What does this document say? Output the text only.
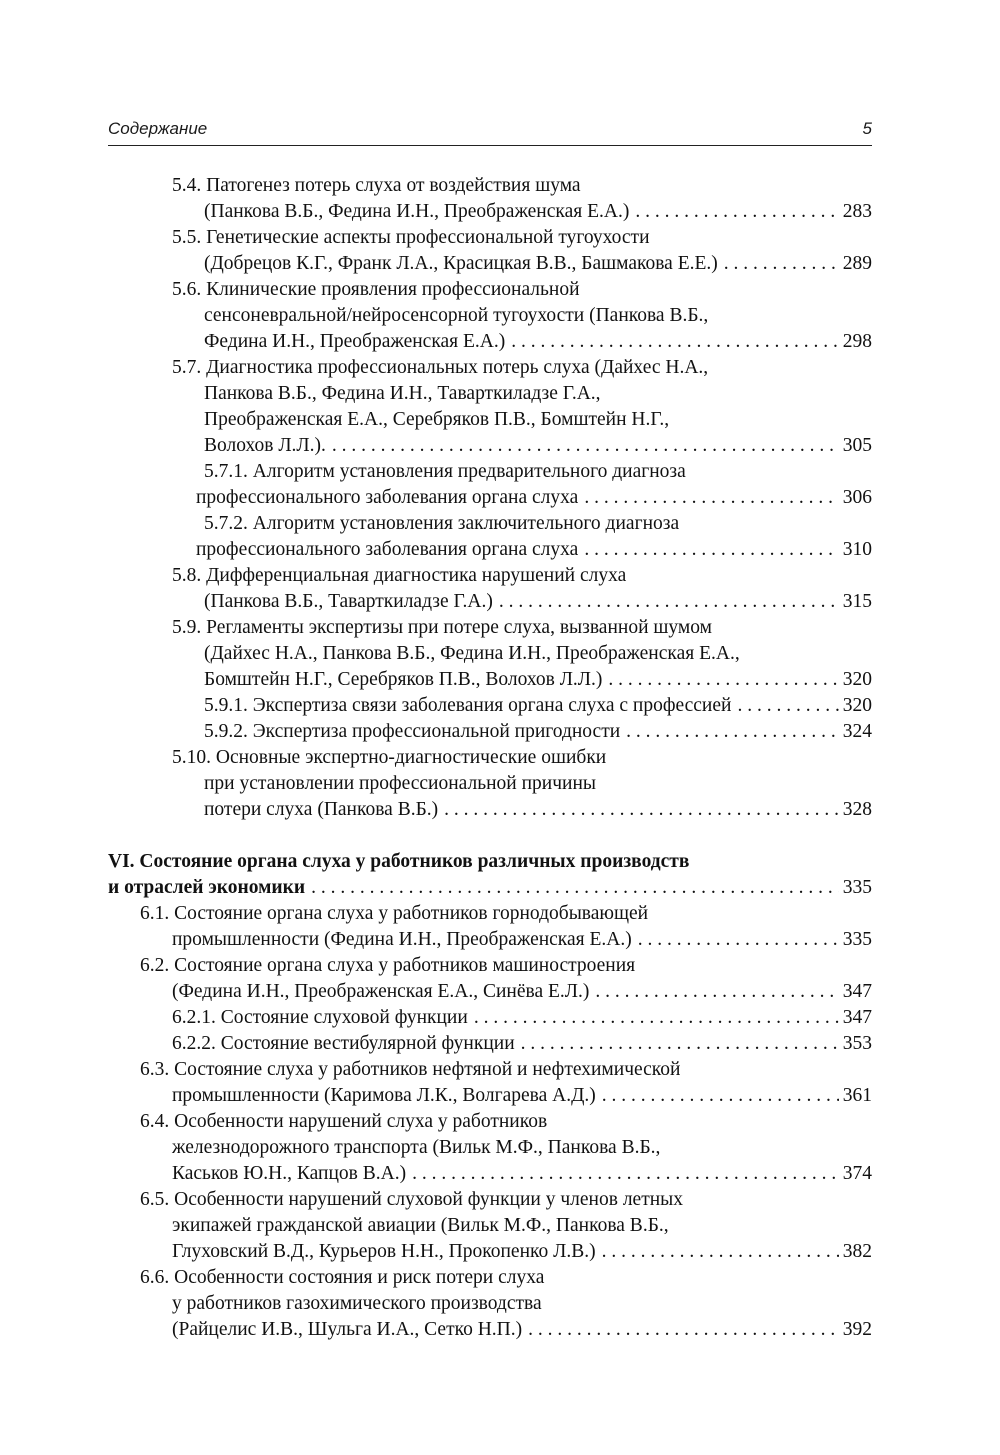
Содержание	5
5.4. Патогенез потерь слуха от воздействия шума
(Панкова В.Б., Федина И.Н., Преображенская Е.А.) . . .	283
5.5. Генетические аспекты профессиональной тугоухости
(Добрецов К.Г., Франк Л.А., Красицкая В.В., Башмакова Е.Е.) . . .	289
5.6. Клинические проявления профессиональной
сенсоневральной/нейросенсорной тугоухости (Панкова В.Б.,
Федина И.Н., Преображенская Е.А.) . . .	298
5.7. Диагностика профессиональных потерь слуха (Дайхес Н.А.,
Панкова В.Б., Федина И.Н., Таварткиладзе Г.А.,
Преображенская Е.А., Серебряков П.В., Бомштейн Н.Г.,
Волохов Л.Л.). . . .	305
5.7.1. Алгоритм установления предварительного диагноза
профессионального заболевания органа слуха . . .	306
5.7.2. Алгоритм установления заключительного диагноза
профессионального заболевания органа слуха . . .	310
5.8. Дифференциальная диагностика нарушений слуха
(Панкова В.Б., Таварткиладзе Г.А.) . . .	315
5.9. Регламенты экспертизы при потере слуха, вызванной шумом
(Дайхес Н.А., Панкова В.Б., Федина И.Н., Преображенская Е.А.,
Бомштейн Н.Г., Серебряков П.В., Волохов Л.Л.) . . .	320
5.9.1. Экспертиза связи заболевания органа слуха с профессией . . .	320
5.9.2. Экспертиза профессиональной пригодности . . .	324
5.10. Основные экспертно-диагностические ошибки
при установлении профессиональной причины
потери слуха (Панкова В.Б.) . . .	328
VI. Состояние органа слуха у работников различных производств
и отраслей экономики . . .	335
6.1. Состояние органа слуха у работников горнодобывающей
промышленности (Федина И.Н., Преображенская Е.А.) . . .	335
6.2. Состояние органа слуха у работников машиностроения
(Федина И.Н., Преображенская Е.А., Синёва Е.Л.) . . .	347
6.2.1. Состояние слуховой функции . . .	347
6.2.2. Состояние вестибулярной функции . . .	353
6.3. Состояние слуха у работников нефтяной и нефтехимической
промышленности (Каримова Л.К., Волгарева А.Д.) . . .	361
6.4. Особенности нарушений слуха у работников
железнодорожного транспорта (Вильк М.Ф., Панкова В.Б.,
Каськов Ю.Н., Капцов В.А.) . . .	374
6.5. Особенности нарушений слуховой функции у членов летных
экипажей гражданской авиации (Вильк М.Ф., Панкова В.Б.,
Глуховский В.Д., Курьеров Н.Н., Прокопенко Л.В.) . . .	382
6.6. Особенности состояния и риск потери слуха
у работников газохимического производства
(Райцелис И.В., Шульга И.А., Сетко Н.П.) . . .	392
